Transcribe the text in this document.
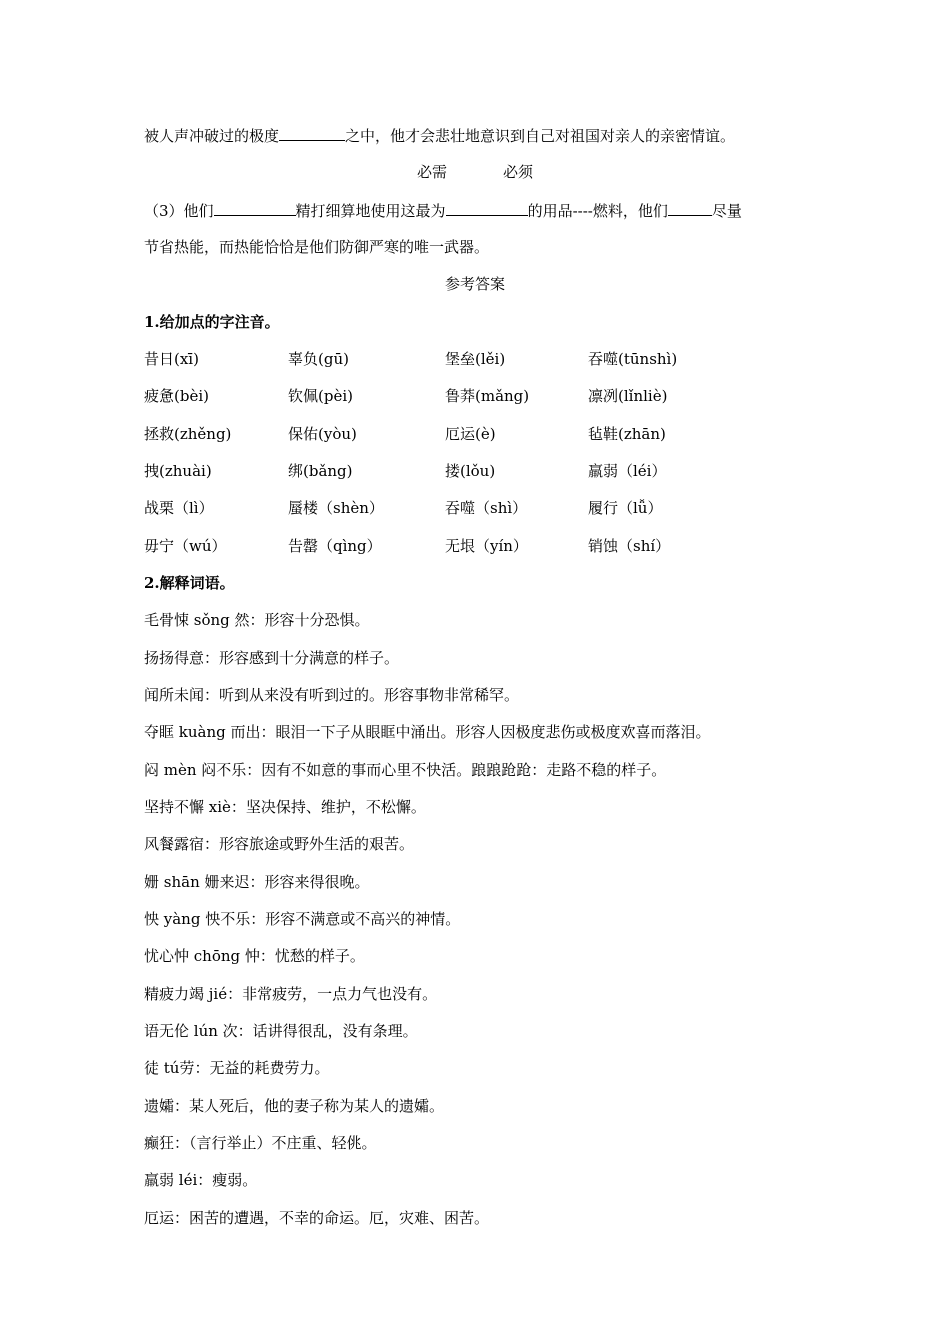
被人声冲破过的极度	之中，他才会悲壮地意识到自己对祖国对亲人的亲密情谊。
必需	必须
（3）他们	精打细算地使用这最为	的用品----燃料，他们	尽量
节省热能，而热能恰恰是他们防御严寒的唯一武器。
参考答案
1.给加点的字注音。
昔日(xī)	辜负(gū)	堡垒(lěi)	吞噬(tūnshì)
疲惫(bèi)	钦佩(pèi)	鲁莽(mǎng)	凛冽(lǐnliè)
拯救(zhěng)	保佑(yòu)	厄运(è)	毡鞋(zhān)
拽(zhuài)	绑(bǎng)	搂(lǒu)	羸弱（léi）
战栗（lì）	蜃楼（shèn）	吞噬（shì）	履行（lǚ）
毋宁（wú）	告罄（qìng）	无垠（yín）	销蚀（shí）
2.解释词语。
毛骨悚 sǒng 然：形容十分恐惧。
扬扬得意：形容感到十分满意的样子。
闻所未闻：听到从来没有听到过的。形容事物非常稀罕。
夺眶 kuàng 而出：眼泪一下子从眼眶中涌出。形容人因极度悲伤或极度欢喜而落泪。
闷 mèn 闷不乐：因有不如意的事而心里不快活。踉踉跄跄：走路不稳的样子。
坚持不懈 xiè：坚决保持、维护，不松懈。
风餐露宿：形容旅途或野外生活的艰苦。
姗 shān 姗来迟：形容来得很晚。
怏 yàng 怏不乐：形容不满意或不高兴的神情。
忧心忡 chōng 忡：忧愁的样子。
精疲力竭 jié：非常疲劳，一点力气也没有。
语无伦 lún 次：话讲得很乱，没有条理。
徒 tú劳：无益的耗费劳力。
遗孀：某人死后，他的妻子称为某人的遗孀。
癫狂：（言行举止）不庄重、轻佻。
羸弱 léi：瘦弱。
厄运：困苦的遭遇，不幸的命运。厄，灾难、困苦。
